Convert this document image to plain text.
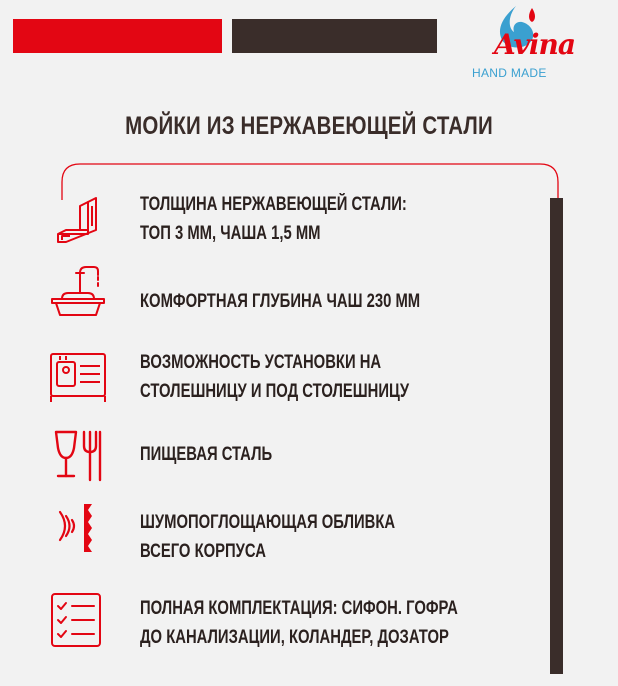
Avina
HAND MADE
МОЙКИ ИЗ НЕРЖАВЕЮЩЕЙ СТАЛИ
ТОЛЩИНА НЕРЖАВЕЮЩЕЙ СТАЛИ:
ТОП 3 ММ, ЧАША 1,5 ММ
КОМФОРТНАЯ ГЛУБИНА ЧАШ 230 ММ
ВОЗМОЖНОСТЬ УСТАНОВКИ НА
СТОЛЕШНИЦУ И ПОД СТОЛЕШНИЦУ
ПИЩЕВАЯ СТАЛЬ
ШУМОПОГЛОЩАЮЩАЯ ОБЛИВКА
ВСЕГО КОРПУСА
ПОЛНАЯ КОМПЛЕКТАЦИЯ: СИФОН. ГОФРА
ДО КАНАЛИЗАЦИИ, КОЛАНДЕР, ДОЗАТОР
